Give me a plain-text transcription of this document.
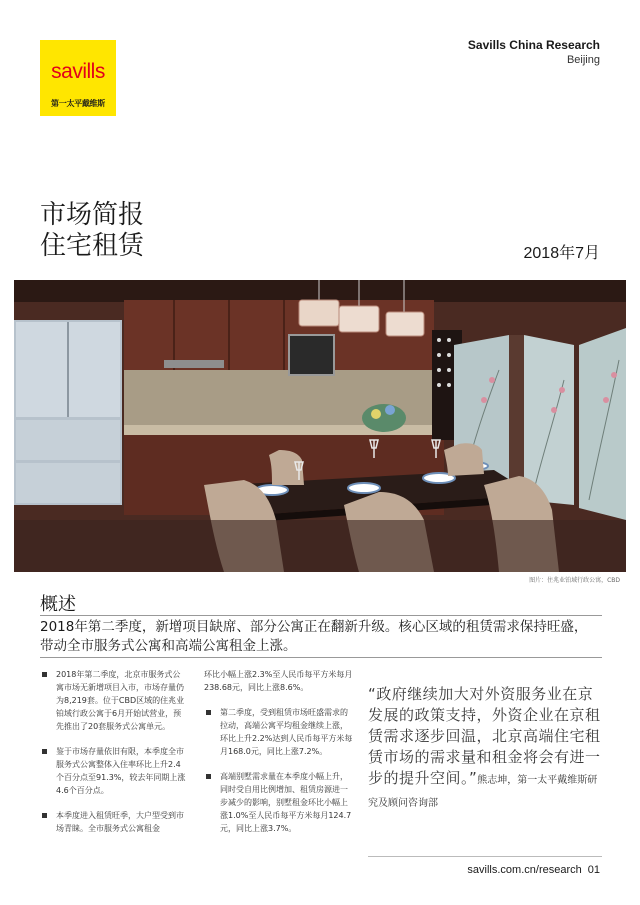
savills
第一太平戴维斯
Savills China Research
Beijing
市场简报
住宅租赁	2018年7月
图片：住兆业铂域行政公寓，CBD
概述
2018年第二季度，新增项目缺席、部分公寓正在翻新升级。核心区域的租赁需求保持旺盛，带动全市服务式公寓和高端公寓租金上涨。

2018年第二季度，北京市服务式公寓市场无新增项目入市，市场存量仍为8,219套。位于CBD区域的住兆业铂域行政公寓于6月开始试营业，预先推出了20套服务式公寓单元。

鉴于市场存量依旧有限，本季度全市服务式公寓整体入住率环比上升2.4个百分点至91.3%，较去年同期上涨4.6个百分点。

本季度进入租赁旺季，大户型受到市场青睐。全市服务式公寓租金

环比小幅上涨2.3%至人民币每平方米每月238.68元，同比上涨8.6%。

第二季度，受到租赁市场旺盛需求的拉动，高端公寓平均租金继续上涨，环比上升2.2%达到人民币每平方米每月168.0元，同比上涨7.2%。

高端别墅需求量在本季度小幅上升，同时受自用比例增加、租赁房源进一步减少的影响，别墅租金环比小幅上涨1.0%至人民币每平方米每月124.7元，同比上涨3.7%。

“政府继续加大对外资服务业在京发展的政策支持，外资企业在京租赁需求逐步回温，北京高端住宅租赁市场的需求量和租金将会有进一步的提升空间。”熊志坤，第一太平戴维斯研究及顾问咨询部
savills.com.cn/research 01
